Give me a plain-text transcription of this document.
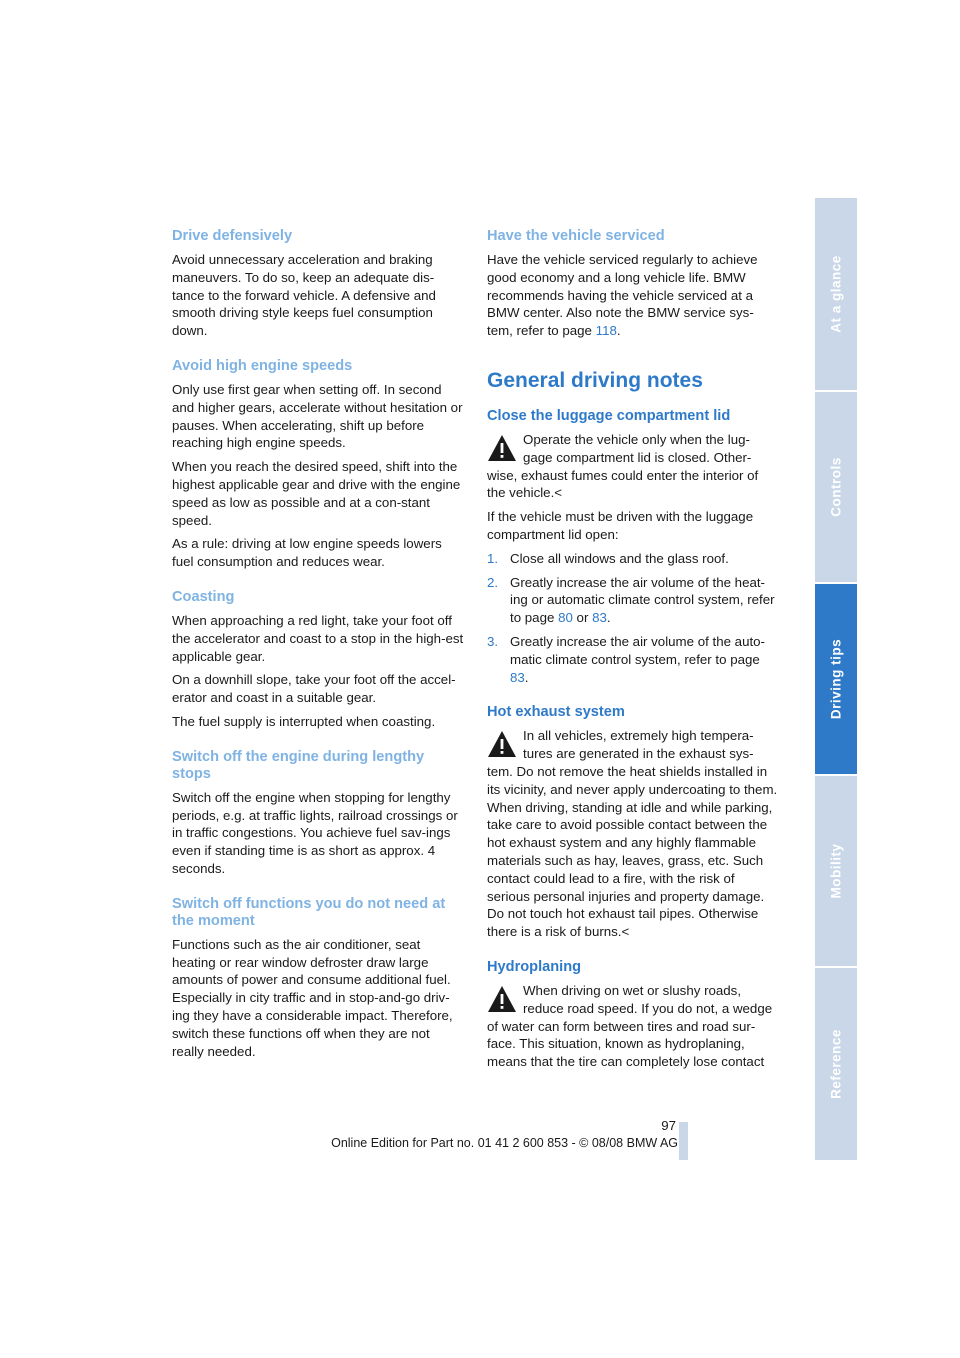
Drive defensively

Avoid unnecessary acceleration and braking maneuvers. To do so, keep an adequate dis-tance to the forward vehicle. A defensive and smooth driving style keeps fuel consumption down.

Avoid high engine speeds

Only use first gear when setting off. In second and higher gears, accelerate without hesitation or pauses. When accelerating, shift up before reaching high engine speeds.

When you reach the desired speed, shift into the highest applicable gear and drive with the engine speed as low as possible and at a con-stant speed.

As a rule: driving at low engine speeds lowers fuel consumption and reduces wear.

Coasting

When approaching a red light, take your foot off the accelerator and coast to a stop in the high-est applicable gear.

On a downhill slope, take your foot off the accel-erator and coast in a suitable gear.

The fuel supply is interrupted when coasting.

Switch off the engine during lengthy stops

Switch off the engine when stopping for lengthy periods, e.g. at traffic lights, railroad crossings or in traffic congestions. You achieve fuel sav-ings even if standing time is as short as approx. 4 seconds.

Switch off functions you do not need at the moment

Functions such as the air conditioner, seat heating or rear window defroster draw large amounts of power and consume additional fuel. Especially in city traffic and in stop-and-go driv-ing they have a considerable impact. Therefore, switch these functions off when they are not really needed.

Have the vehicle serviced

Have the vehicle serviced regularly to achieve good economy and a long vehicle life. BMW recommends having the vehicle serviced at a BMW center. Also note the BMW service sys-tem, refer to page 118.

General driving notes
Close the luggage compartment lid

Operate the vehicle only when the lug-gage compartment lid is closed. Other-wise, exhaust fumes could enter the interior of the vehicle.<

If the vehicle must be driven with the luggage compartment lid open:

1. Close all windows and the glass roof.
2. Greatly increase the air volume of the heat-ing or automatic climate control system, refer to page 80 or 83.
3. Greatly increase the air volume of the auto-matic climate control system, refer to page 83.
Hot exhaust system

In all vehicles, extremely high tempera-tures are generated in the exhaust sys-tem. Do not remove the heat shields installed in its vicinity, and never apply undercoating to them. When driving, standing at idle and while parking, take care to avoid possible contact between the hot exhaust system and any highly flammable materials such as hay, leaves, grass, etc. Such contact could lead to a fire, with the risk of serious personal injuries and property damage. Do not touch hot exhaust tail pipes. Otherwise there is a risk of burns.<

Hydroplaning

When driving on wet or slushy roads, reduce road speed. If you do not, a wedge of water can form between tires and road sur-face. This situation, known as hydroplaning, means that the tire can completely lose contact

At a glance
Controls
Driving tips
Mobility
Reference
97
Online Edition for Part no. 01 41 2 600 853 - © 08/08 BMW AG
